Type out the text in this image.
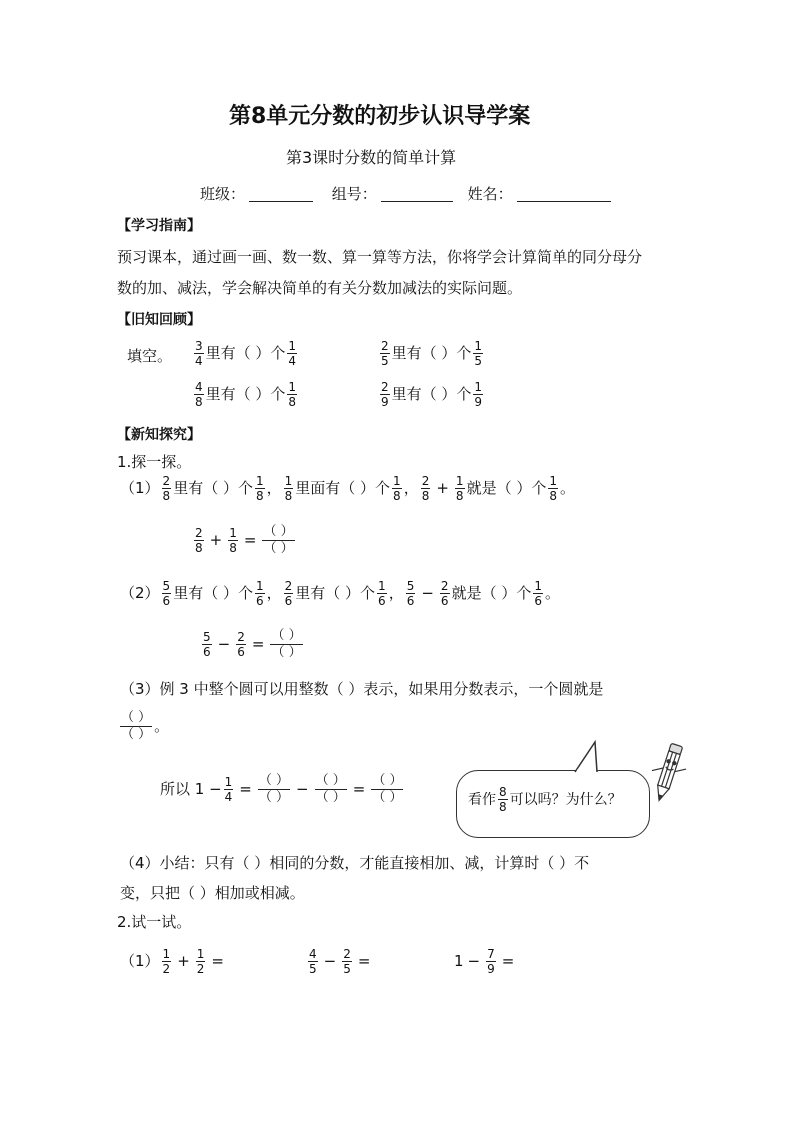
第8单元分数的初步认识导学案
第3课时分数的简单计算
班级：	组号：	姓名：
【学习指南】
预习课本，通过画一画、数一数、算一算等方法，你将学会计算简单的同分母分
数的加、减法，学会解决简单的有关分数加减法的实际问题。
【旧知回顾】
填空。 $\frac{3}{4}$ 里有（ ）个 $\frac{1}{4}$	$\frac{2}{5}$ 里有（ ）个 $\frac{1}{5}$
$\frac{4}{8}$ 里有（ ）个 $\frac{1}{8}$	$\frac{2}{9}$ 里有（ ）个 $\frac{1}{9}$
【新知探究】
1.探一探。
$(1) \frac{2}{8}$ 里有（ ）个 $\frac{1}{8}$ ， $\frac{1}{8}$ 里面有（ ）个 $\frac{1}{8}$ ， $\frac{2}{8} + \frac{1}{8}$ 就是（ ）个 $\frac{1}{8}$ 。
$\frac{2}{8} + \frac{1}{8} = \frac{( )}{( )}$
$(2) \frac{5}{6}$ 里有（ ）个 $\frac{1}{6}$ ， $\frac{2}{6}$ 里有（ ）个 $\frac{1}{6}$ ， $\frac{5}{6} - \frac{2}{6}$ 就是（ ）个 $\frac{1}{6}$ 。
$\frac{5}{6} - \frac{2}{6} = \frac{( )}{( )}$
（3）例 3 中整个圆可以用整数（ ）表示，如果用分数表示，一个圆就是
$\frac{( )}{( )}$ 。
所以 $1 - \frac{1}{4} = \frac{( )}{( )} - \frac{( )}{( )} = \frac{( )}{( )}$	看作 $\frac{8}{8}$ 可以吗？为什么？
（4）小结：只有（ ）相同的分数，才能直接相加、减，计算时（ ）不
变，只把（ ）相加或相减。
2.试一试。
$(1) \frac{1}{2} + \frac{1}{2}$ =	$\frac{4}{5} - \frac{2}{5}$ =	$1 - \frac{7}{9}$ =
